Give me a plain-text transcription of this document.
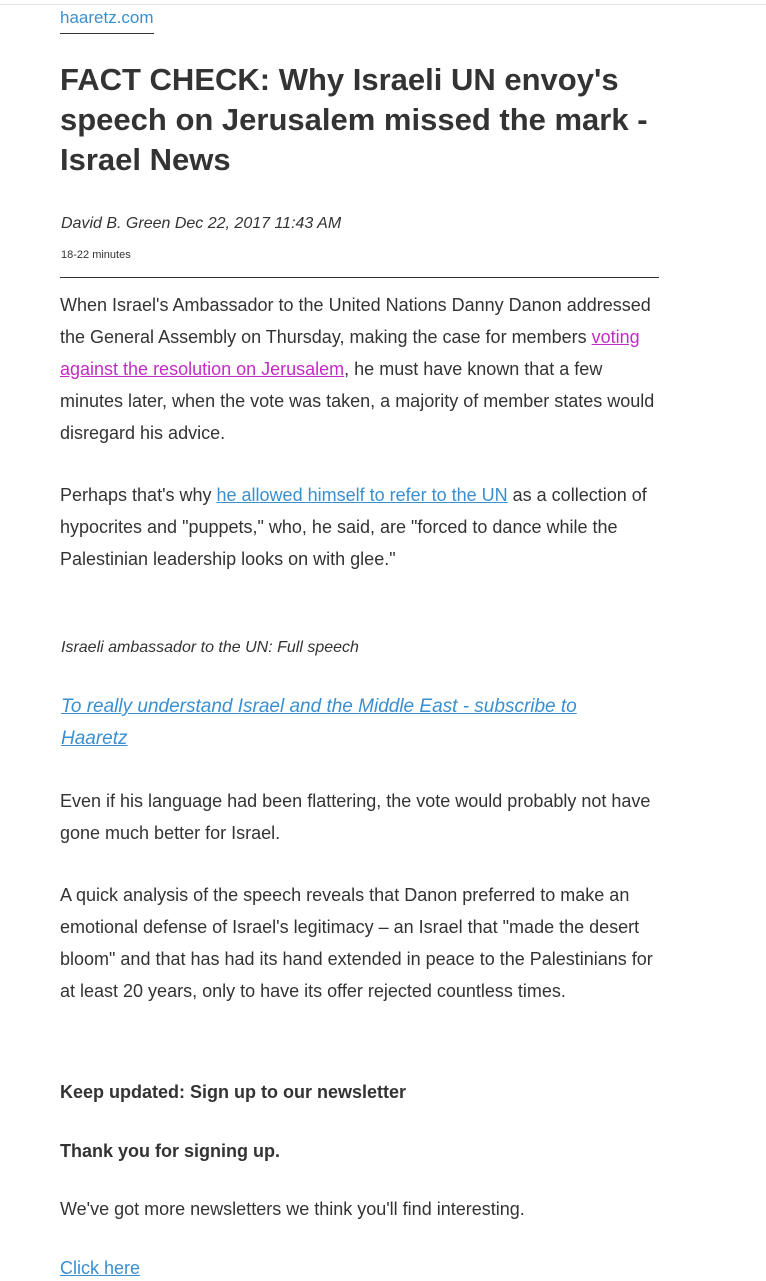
haaretz.com
FACT CHECK: Why Israeli UN envoy's speech on Jerusalem missed the mark - Israel News
David B. Green Dec 22, 2017 11:43 AM
18-22 minutes

When Israel's Ambassador to the United Nations Danny Danon addressed the General Assembly on Thursday, making the case for members voting against the resolution on Jerusalem, he must have known that a few minutes later, when the vote was taken, a majority of member states would disregard his advice.

Perhaps that's why he allowed himself to refer to the UN as a collection of hypocrites and "puppets," who, he said, are "forced to dance while the Palestinian leadership looks on with glee."

Israeli ambassador to the UN: Full speech
To really understand Israel and the Middle East - subscribe to Haaretz

Even if his language had been flattering, the vote would probably not have gone much better for Israel.

A quick analysis of the speech reveals that Danon preferred to make an emotional defense of Israel's legitimacy – an Israel that "made the desert bloom" and that has had its hand extended in peace to the Palestinians for at least 20 years, only to have its offer rejected countless times.

Keep updated: Sign up to our newsletter

Thank you for signing up.

We've got more newsletters we think you'll find interesting.

Click here
